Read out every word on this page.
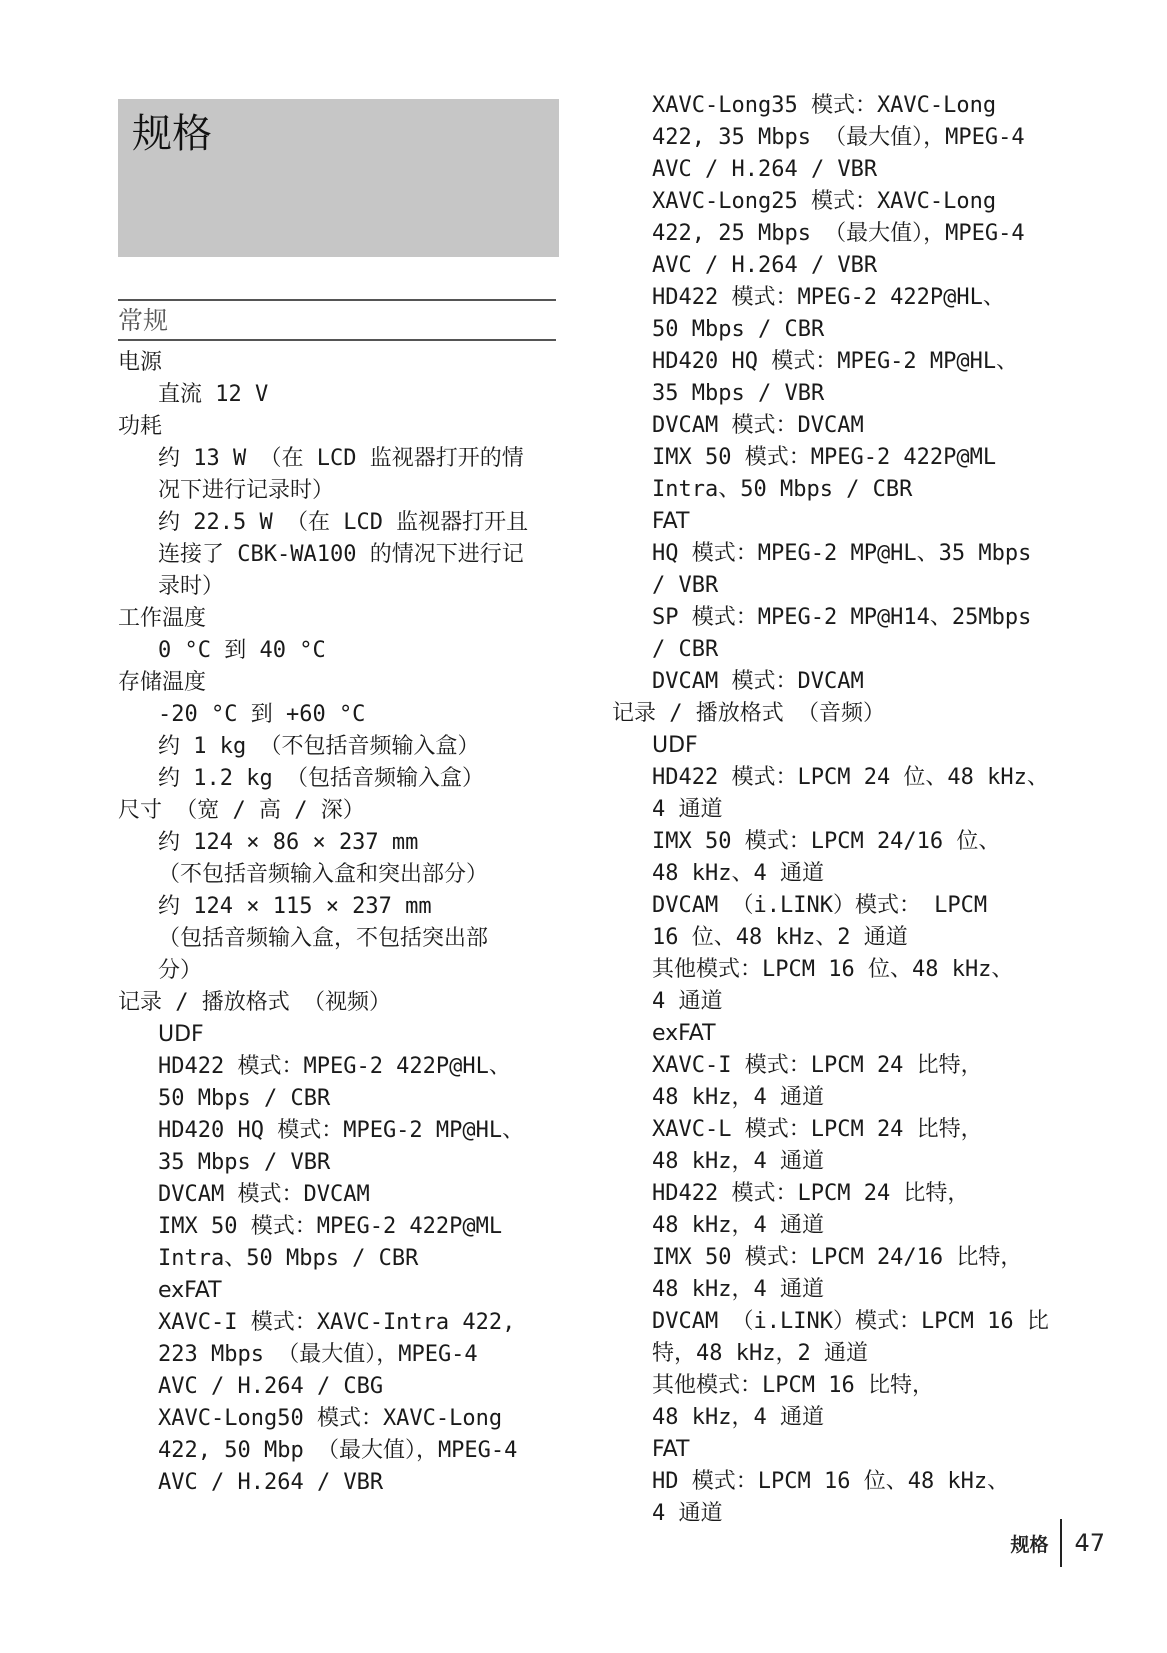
规格
常规
电源
直流 12 V
功耗
约 13 W （在 LCD 监视器打开的情
况下进行记录时）
约 22.5 W （在 LCD 监视器打开且
连接了 CBK-WA100 的情况下进行记
录时）
工作温度
0 °C 到 40 °C
存储温度
-20 °C 到 +60 °C
约 1 kg （不包括音频输入盒）
约 1.2 kg （包括音频输入盒）
尺寸 （宽 / 高 / 深）
约 124 × 86 × 237 mm
（不包括音频输入盒和突出部分）
约 124 × 115 × 237 mm
（包括音频输入盒，不包括突出部
分）
记录 / 播放格式 （视频）
UDF
HD422 模式：MPEG-2 422P@HL、
50 Mbps / CBR
HD420 HQ 模式：MPEG-2 MP@HL、
35 Mbps / VBR
DVCAM 模式：DVCAM
IMX 50 模式：MPEG-2 422P@ML
Intra、50 Mbps / CBR
exFAT
XAVC-I 模式：XAVC-Intra 422,
223 Mbps （最大值），MPEG-4
AVC / H.264 / CBG
XAVC-Long50 模式：XAVC-Long
422, 50 Mbp （最大值），MPEG-4
AVC / H.264 / VBR
XAVC-Long35 模式：XAVC-Long
422, 35 Mbps （最大值），MPEG-4
AVC / H.264 / VBR
XAVC-Long25 模式：XAVC-Long
422, 25 Mbps （最大值），MPEG-4
AVC / H.264 / VBR
HD422 模式：MPEG-2 422P@HL、
50 Mbps / CBR
HD420 HQ 模式：MPEG-2 MP@HL、
35 Mbps / VBR
DVCAM 模式：DVCAM
IMX 50 模式：MPEG-2 422P@ML
Intra、50 Mbps / CBR
FAT
HQ 模式：MPEG-2 MP@HL、35 Mbps
/ VBR
SP 模式：MPEG-2 MP@H14、25Mbps
/ CBR
DVCAM 模式：DVCAM
记录 / 播放格式 （音频）
UDF
HD422 模式：LPCM 24 位、48 kHz、
4 通道
IMX 50 模式：LPCM 24/16 位、
48 kHz、4 通道
DVCAM （i.LINK）模式： LPCM
16 位、48 kHz、2 通道
其他模式：LPCM 16 位、48 kHz、
4 通道
exFAT
XAVC-I 模式：LPCM 24 比特，
48 kHz，4 通道
XAVC-L 模式：LPCM 24 比特，
48 kHz，4 通道
HD422 模式：LPCM 24 比特，
48 kHz，4 通道
IMX 50 模式：LPCM 24/16 比特，
48 kHz，4 通道
DVCAM （i.LINK）模式：LPCM 16 比
特，48 kHz，2 通道
其他模式：LPCM 16 比特，
48 kHz，4 通道
FAT
HD 模式：LPCM 16 位、48 kHz、
4 通道
规格	47
